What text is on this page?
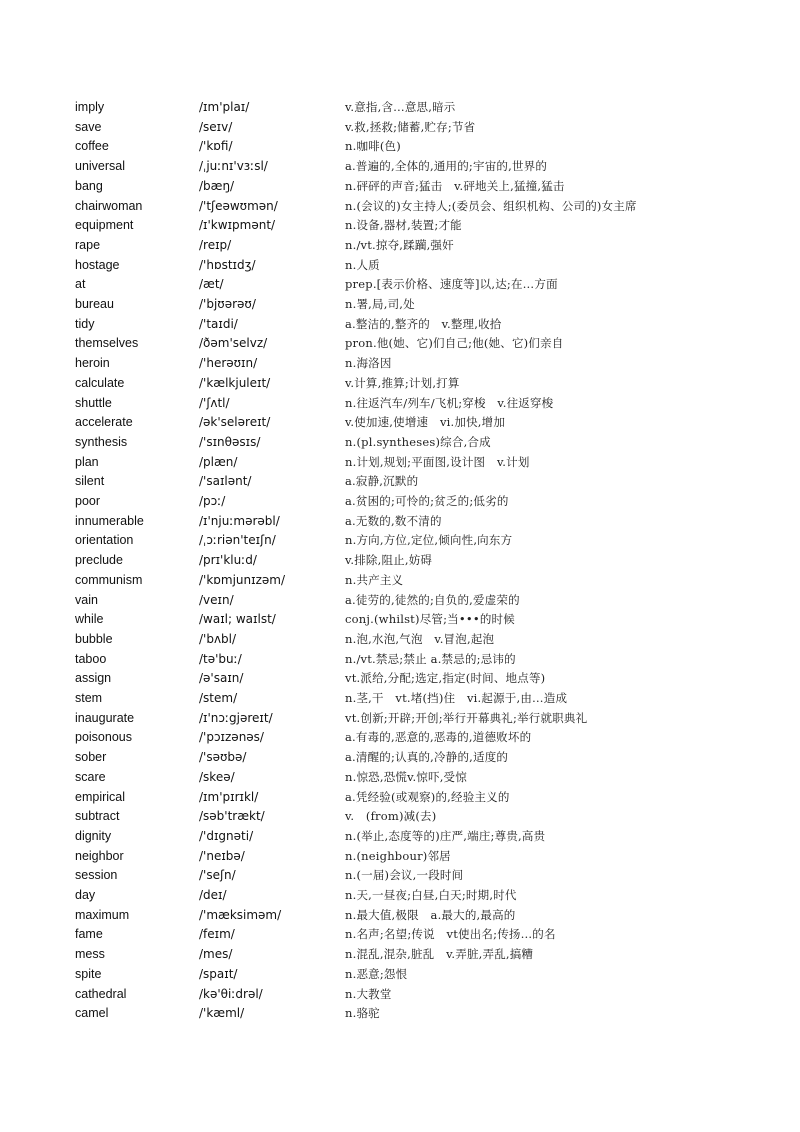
imply	/ɪm'plaɪ/	v.意指,含…意思,暗示
save	/seɪv/	v.救,拯救;储蓄,贮存;节省
coffee	/'kɒfi/	n.咖啡(色)
universal	/ˌjuːnɪ'vɜːsl/	a.普遍的,全体的,通用的;宇宙的,世界的
bang	/bæŋ/	n.砰砰的声音;猛击　v.砰地关上,猛撞,猛击
chairwoman	/'tʃeəwʊmən/	n.(会议的)女主持人;(委员会、组织机构、公司的)女主席
equipment	/ɪ'kwɪpmənt/	n.设备,器材,装置;才能
rape	/reɪp/	n./vt.掠夺,蹂躏,强奸
hostage	/'hɒstɪdʒ/	n.人质
at	/æt/	prep.[表示价格、速度等]以,达;在…方面
bureau	/'bjʊərəʊ/	n.署,局,司,处
tidy	/'taɪdi/	a.整洁的,整齐的　v.整理,收拾
themselves	/ðəm'selvz/	pron.他(她、它)们自己;他(她、它)们亲自
heroin	/'herəʊɪn/	n.海洛因
calculate	/'kælkjuleɪt/	v.计算,推算;计划,打算
shuttle	/'ʃʌtl/	n.往返汽车/列车/飞机;穿梭　v.往返穿梭
accelerate	/ək'seləreɪt/	v.使加速,使增速　vi.加快,增加
synthesis	/'sɪnθəsɪs/	n.(pl.syntheses)综合,合成
plan	/plæn/	n.计划,规划;平面图,设计图　v.计划
silent	/'saɪlənt/	a.寂静,沉默的
poor	/pɔː/	a.贫困的;可怜的;贫乏的;低劣的
innumerable	/ɪ'njuːmərəbl/	a.无数的,数不清的
orientation	/ˌɔːriən'teɪʃn/	n.方向,方位,定位,倾向性,向东方
preclude	/prɪ'kluːd/	v.排除,阻止,妨碍
communism	/'kɒmjunɪzəm/	n.共产主义
vain	/veɪn/	a.徒劳的,徒然的;自负的,爱虚荣的
while	/waɪl; waɪlst/	conj.(whilst)尽管;当•••的时候
bubble	/'bʌbl/	n.泡,水泡,气泡　v.冒泡,起泡
taboo	/tə'buː/	n./vt.禁忌;禁止 a.禁忌的;忌讳的
assign	/ə'saɪn/	vt.派给,分配;选定,指定(时间、地点等)
stem	/stem/	n.茎,干　vt.堵(挡)住　vi.起源于,由…造成
inaugurate	/ɪ'nɔːgjəreɪt/	vt.创新;开辟;开创;举行开幕典礼;举行就职典礼
poisonous	/'pɔɪzənəs/	a.有毒的,恶意的,恶毒的,道德败坏的
sober	/'səʊbə/	a.清醒的;认真的,冷静的,适度的
scare	/skeə/	n.惊恐,恐慌v.惊吓,受惊
empirical	/ɪm'pɪrɪkl/	a.凭经验(或观察)的,经验主义的
subtract	/səb'trækt/	v.　(from)减(去)
dignity	/'dɪgnəti/	n.(举止,态度等的)庄严,端庄;尊贵,高贵
neighbor	/'neɪbə/	n.(neighbour)邻居
session	/'seʃn/	n.(一届)会议,一段时间
day	/deɪ/	n.天,一昼夜;白昼,白天;时期,时代
maximum	/'mæksiməm/	n.最大值,极限　a.最大的,最高的
fame	/feɪm/	n.名声;名望;传说　vt使出名;传扬…的名
mess	/mes/	n.混乱,混杂,脏乱　v.弄脏,弄乱,搞糟
spite	/spaɪt/	n.恶意;怨恨
cathedral	/kə'θiːdrəl/	n.大教堂
camel	/'kæml/	n.骆驼
